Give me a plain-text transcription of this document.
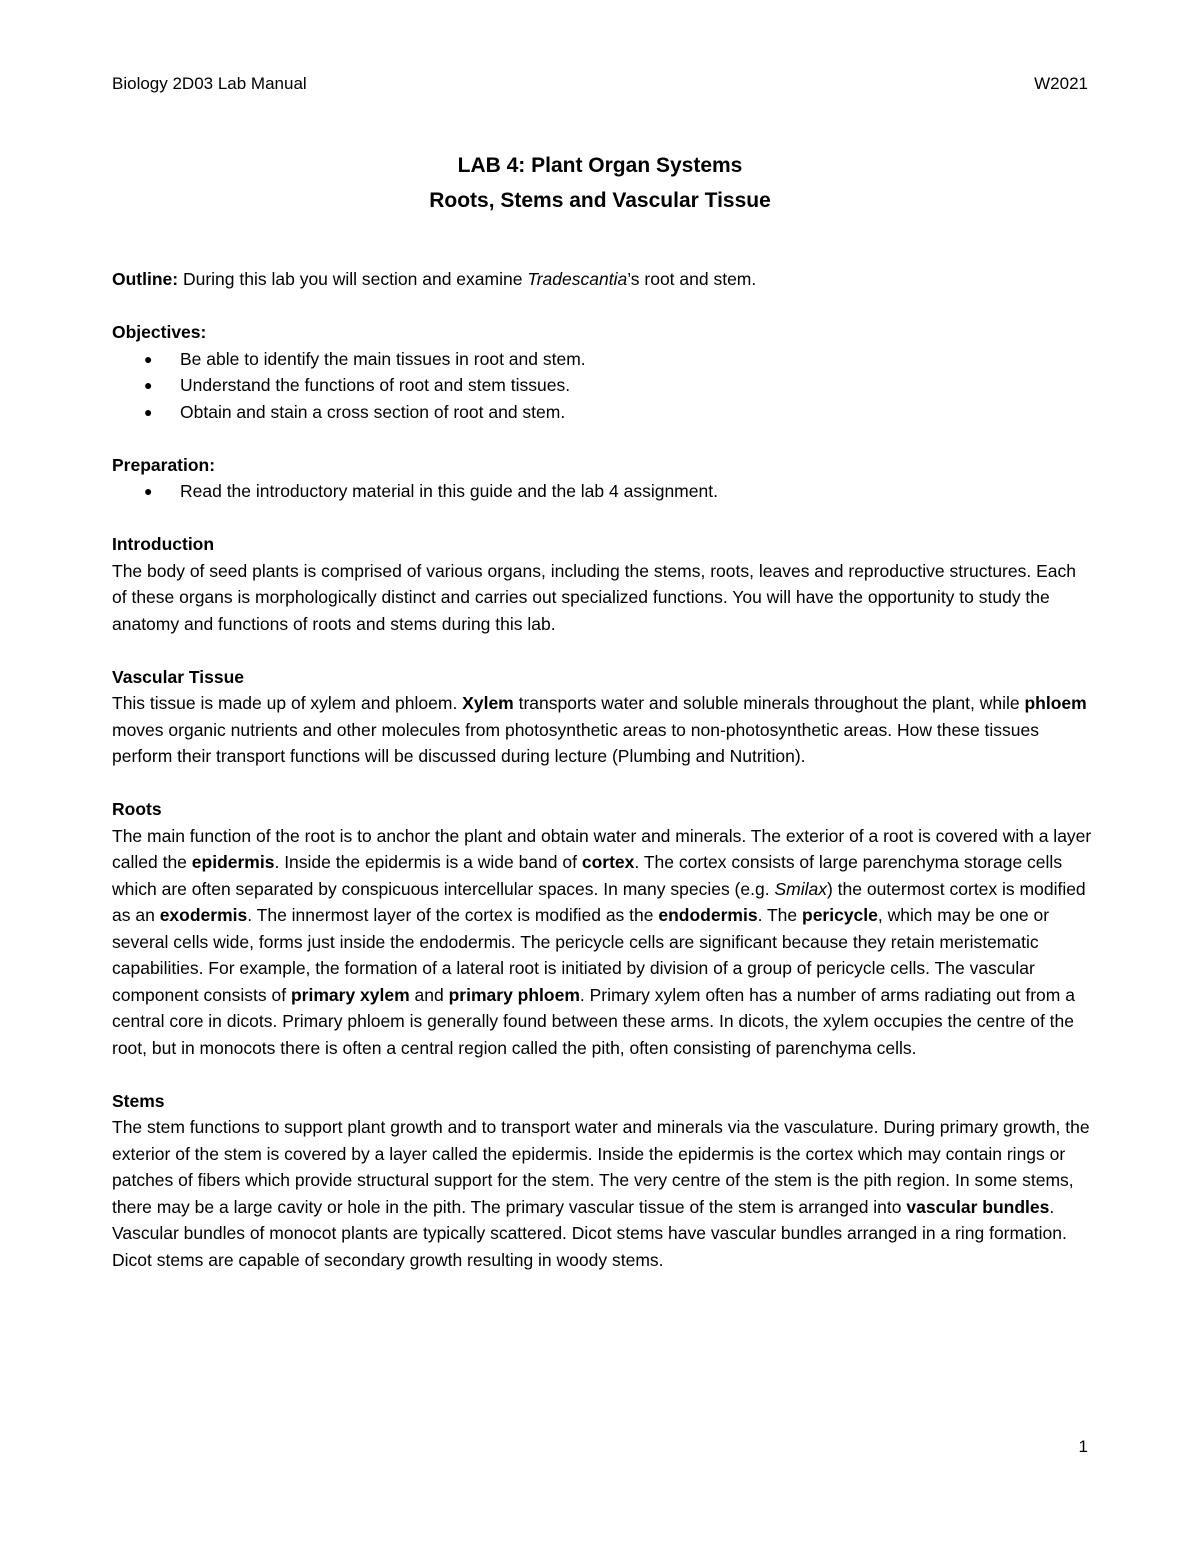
Biology 2D03 Lab Manual	W2021
LAB 4: Plant Organ Systems
Roots, Stems and Vascular Tissue

Outline: During this lab you will section and examine Tradescantia’s root and stem.

Objectives:

● Be able to identify the main tissues in root and stem.
● Understand the functions of root and stem tissues.
● Obtain and stain a cross section of root and stem.

Preparation:

● Read the introductory material in this guide and the lab 4 assignment.

Introduction

The body of seed plants is comprised of various organs, including the stems, roots, leaves and reproductive structures. Each of these organs is morphologically distinct and carries out specialized functions. You will have the opportunity to study the anatomy and functions of roots and stems during this lab.

Vascular Tissue

This tissue is made up of xylem and phloem. Xylem transports water and soluble minerals throughout the plant, while phloem moves organic nutrients and other molecules from photosynthetic areas to non-photosynthetic areas. How these tissues perform their transport functions will be discussed during lecture (Plumbing and Nutrition).

Roots

The main function of the root is to anchor the plant and obtain water and minerals. The exterior of a root is covered with a layer called the epidermis. Inside the epidermis is a wide band of cortex. The cortex consists of large parenchyma storage cells which are often separated by conspicuous intercellular spaces. In many species (e.g. Smilax) the outermost cortex is modified as an exodermis. The innermost layer of the cortex is modified as the endodermis. The pericycle, which may be one or several cells wide, forms just inside the endodermis. The pericycle cells are significant because they retain meristematic capabilities. For example, the formation of a lateral root is initiated by division of a group of pericycle cells. The vascular component consists of primary xylem and primary phloem. Primary xylem often has a number of arms radiating out from a central core in dicots. Primary phloem is generally found between these arms. In dicots, the xylem occupies the centre of the root, but in monocots there is often a central region called the pith, often consisting of parenchyma cells.

Stems

The stem functions to support plant growth and to transport water and minerals via the vasculature. During primary growth, the exterior of the stem is covered by a layer called the epidermis. Inside the epidermis is the cortex which may contain rings or patches of fibers which provide structural support for the stem. The very centre of the stem is the pith region. In some stems, there may be a large cavity or hole in the pith. The primary vascular tissue of the stem is arranged into vascular bundles. Vascular bundles of monocot plants are typically scattered. Dicot stems have vascular bundles arranged in a ring formation. Dicot stems are capable of secondary growth resulting in woody stems.

1
